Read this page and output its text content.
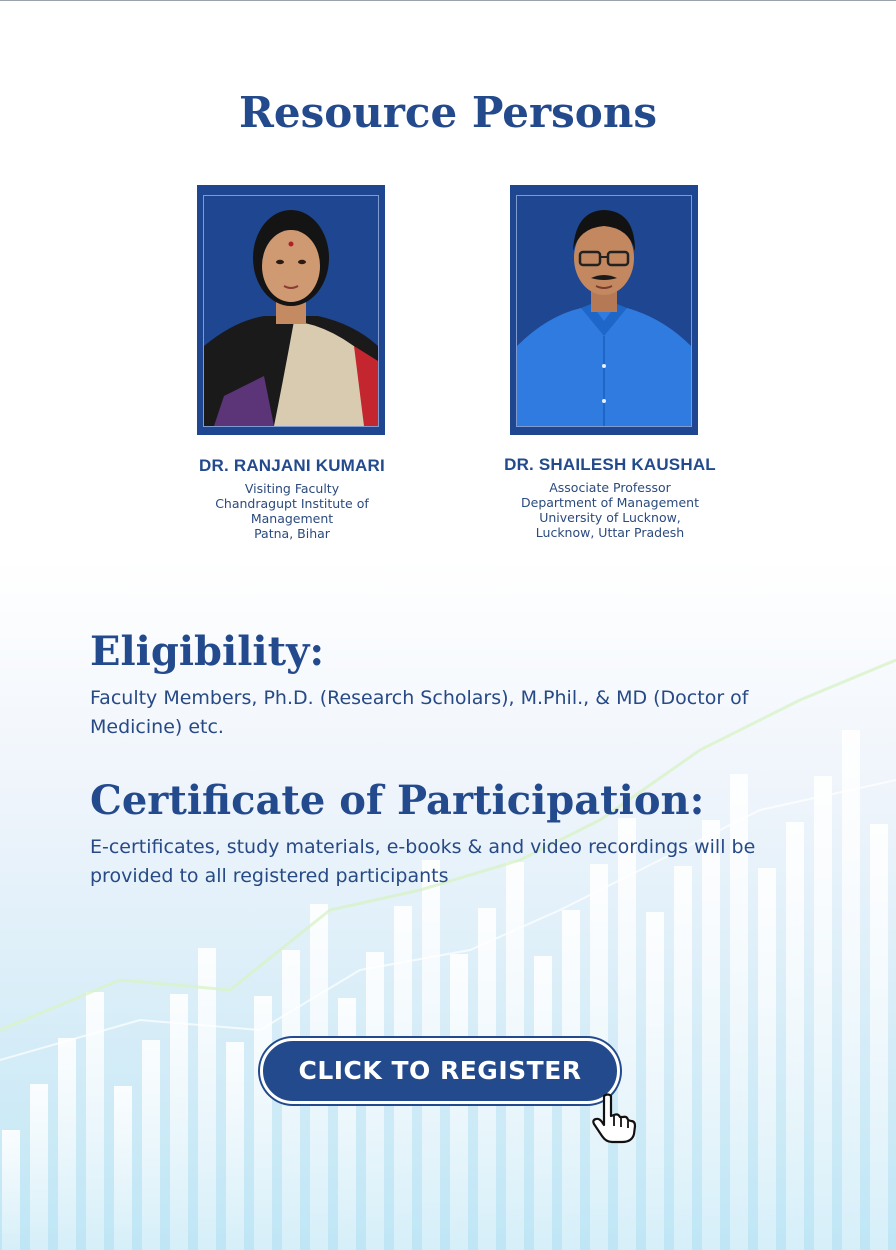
Resource Persons
DR. RANJANI KUMARI
Visiting Faculty
Chandragupt Institute of
Management
Patna, Bihar
DR. SHAILESH KAUSHAL
Associate Professor
Department of Management
University of Lucknow,
Lucknow, Uttar Pradesh
Eligibility:

Faculty Members, Ph.D. (Research Scholars), M.Phil., & MD (Doctor of Medicine) etc.

Certificate of Participation:

E-certificates, study materials, e-books & and video recordings will be provided to all registered participants

CLICK TO REGISTER
